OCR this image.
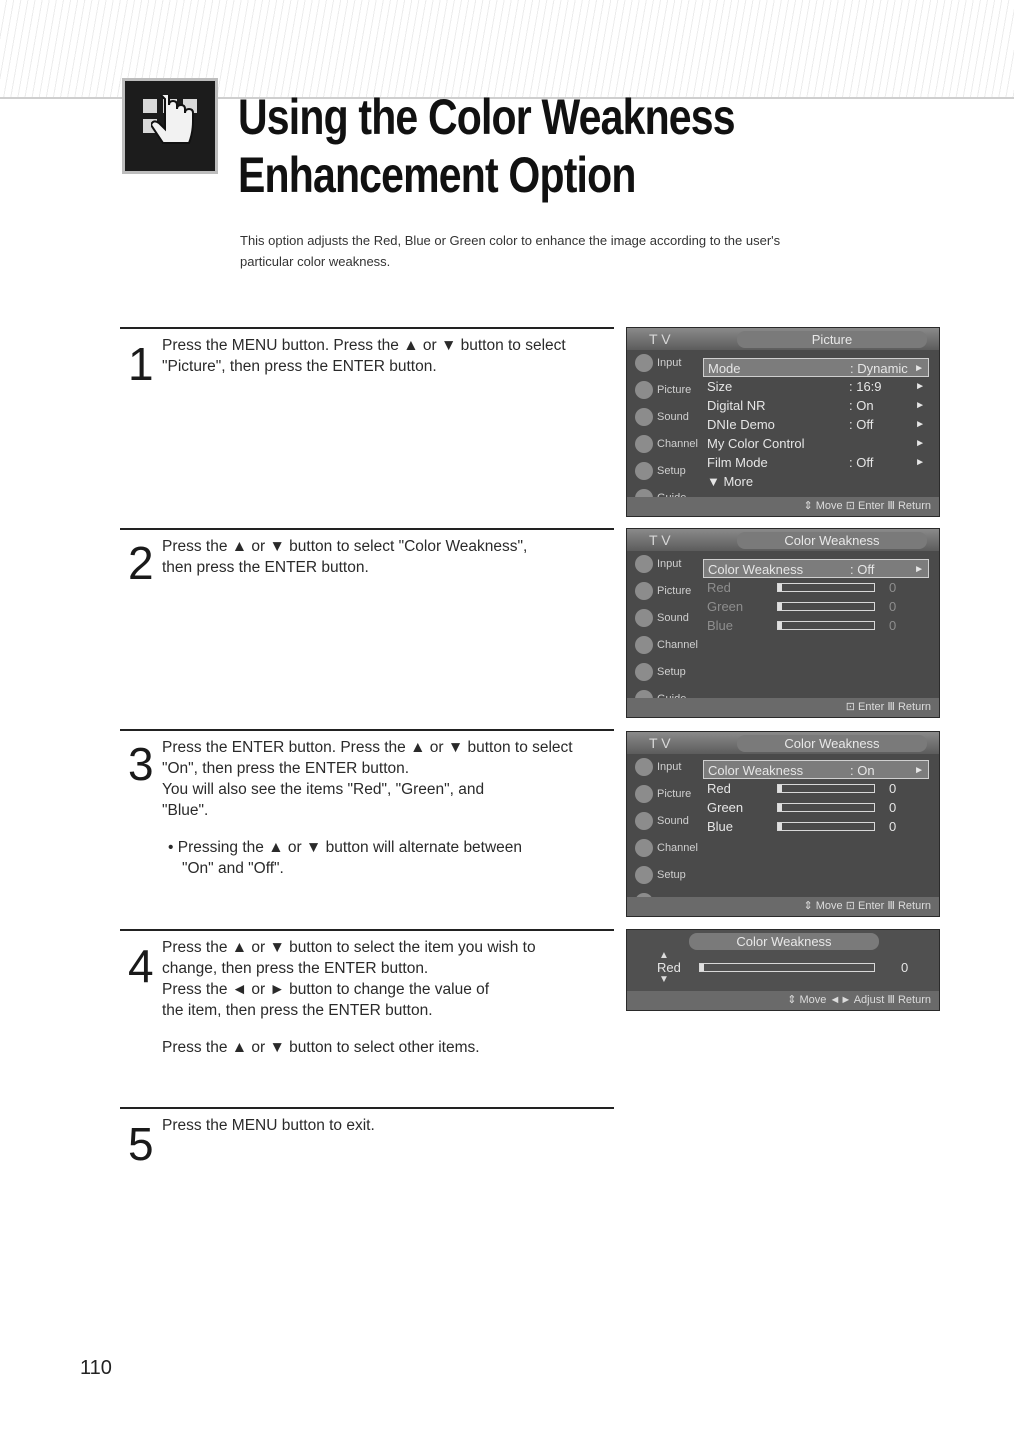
Using the Color Weakness
Enhancement Option
This option adjusts the Red, Blue or Green color to enhance the image according to the user's
particular color weakness.
1 Press the MENU button. Press the ▲ or ▼ button to select

"Picture", then press the ENTER button.

2 Press the ▲ or ▼ button to select "Color Weakness",

then press the ENTER button.

3 Press the ENTER button. Press the ▲ or ▼ button to select

"On", then press the ENTER button.

You will also see the items "Red", "Green", and

"Blue".

• Pressing the ▲ or ▼ button will alternate between

"On" and "Off".

4 Press the ▲ or ▼ button to select the item you wish to

change, then press the ENTER button.

Press the ◄ or ► button to change the value of

the item, then press the ENTER button.

Press the ▲ or ▼ button to select other items.

5 Press the MENU button to exit.

T V	Picture
Input
Picture
Sound
Channel
Setup
Mode	: Dynamic ►
Size	: 16:9	►
Digital NR	: On	►
DNIe Demo	: Off	►
My Color Control	►
Film Mode	: Off	►
▼ More
⇕ Move ⊡ Enter Ⅲ Return
T V	Color Weakness
Input
Picture
Sound
Channel
Setup
Color Weakness	: Off	►
Red	0
Green	0
Blue	0
⊡ Enter Ⅲ Return
T V	Color Weakness
Input
Picture
Sound
Channel
Setup
Color Weakness	: On	►
Red	0
Green	0
Blue	0
⇕ Move ⊡ Enter Ⅲ Return
Color Weakness
▲
Red	0
▼
⇕ Move ◄► Adjust Ⅲ Return
110
